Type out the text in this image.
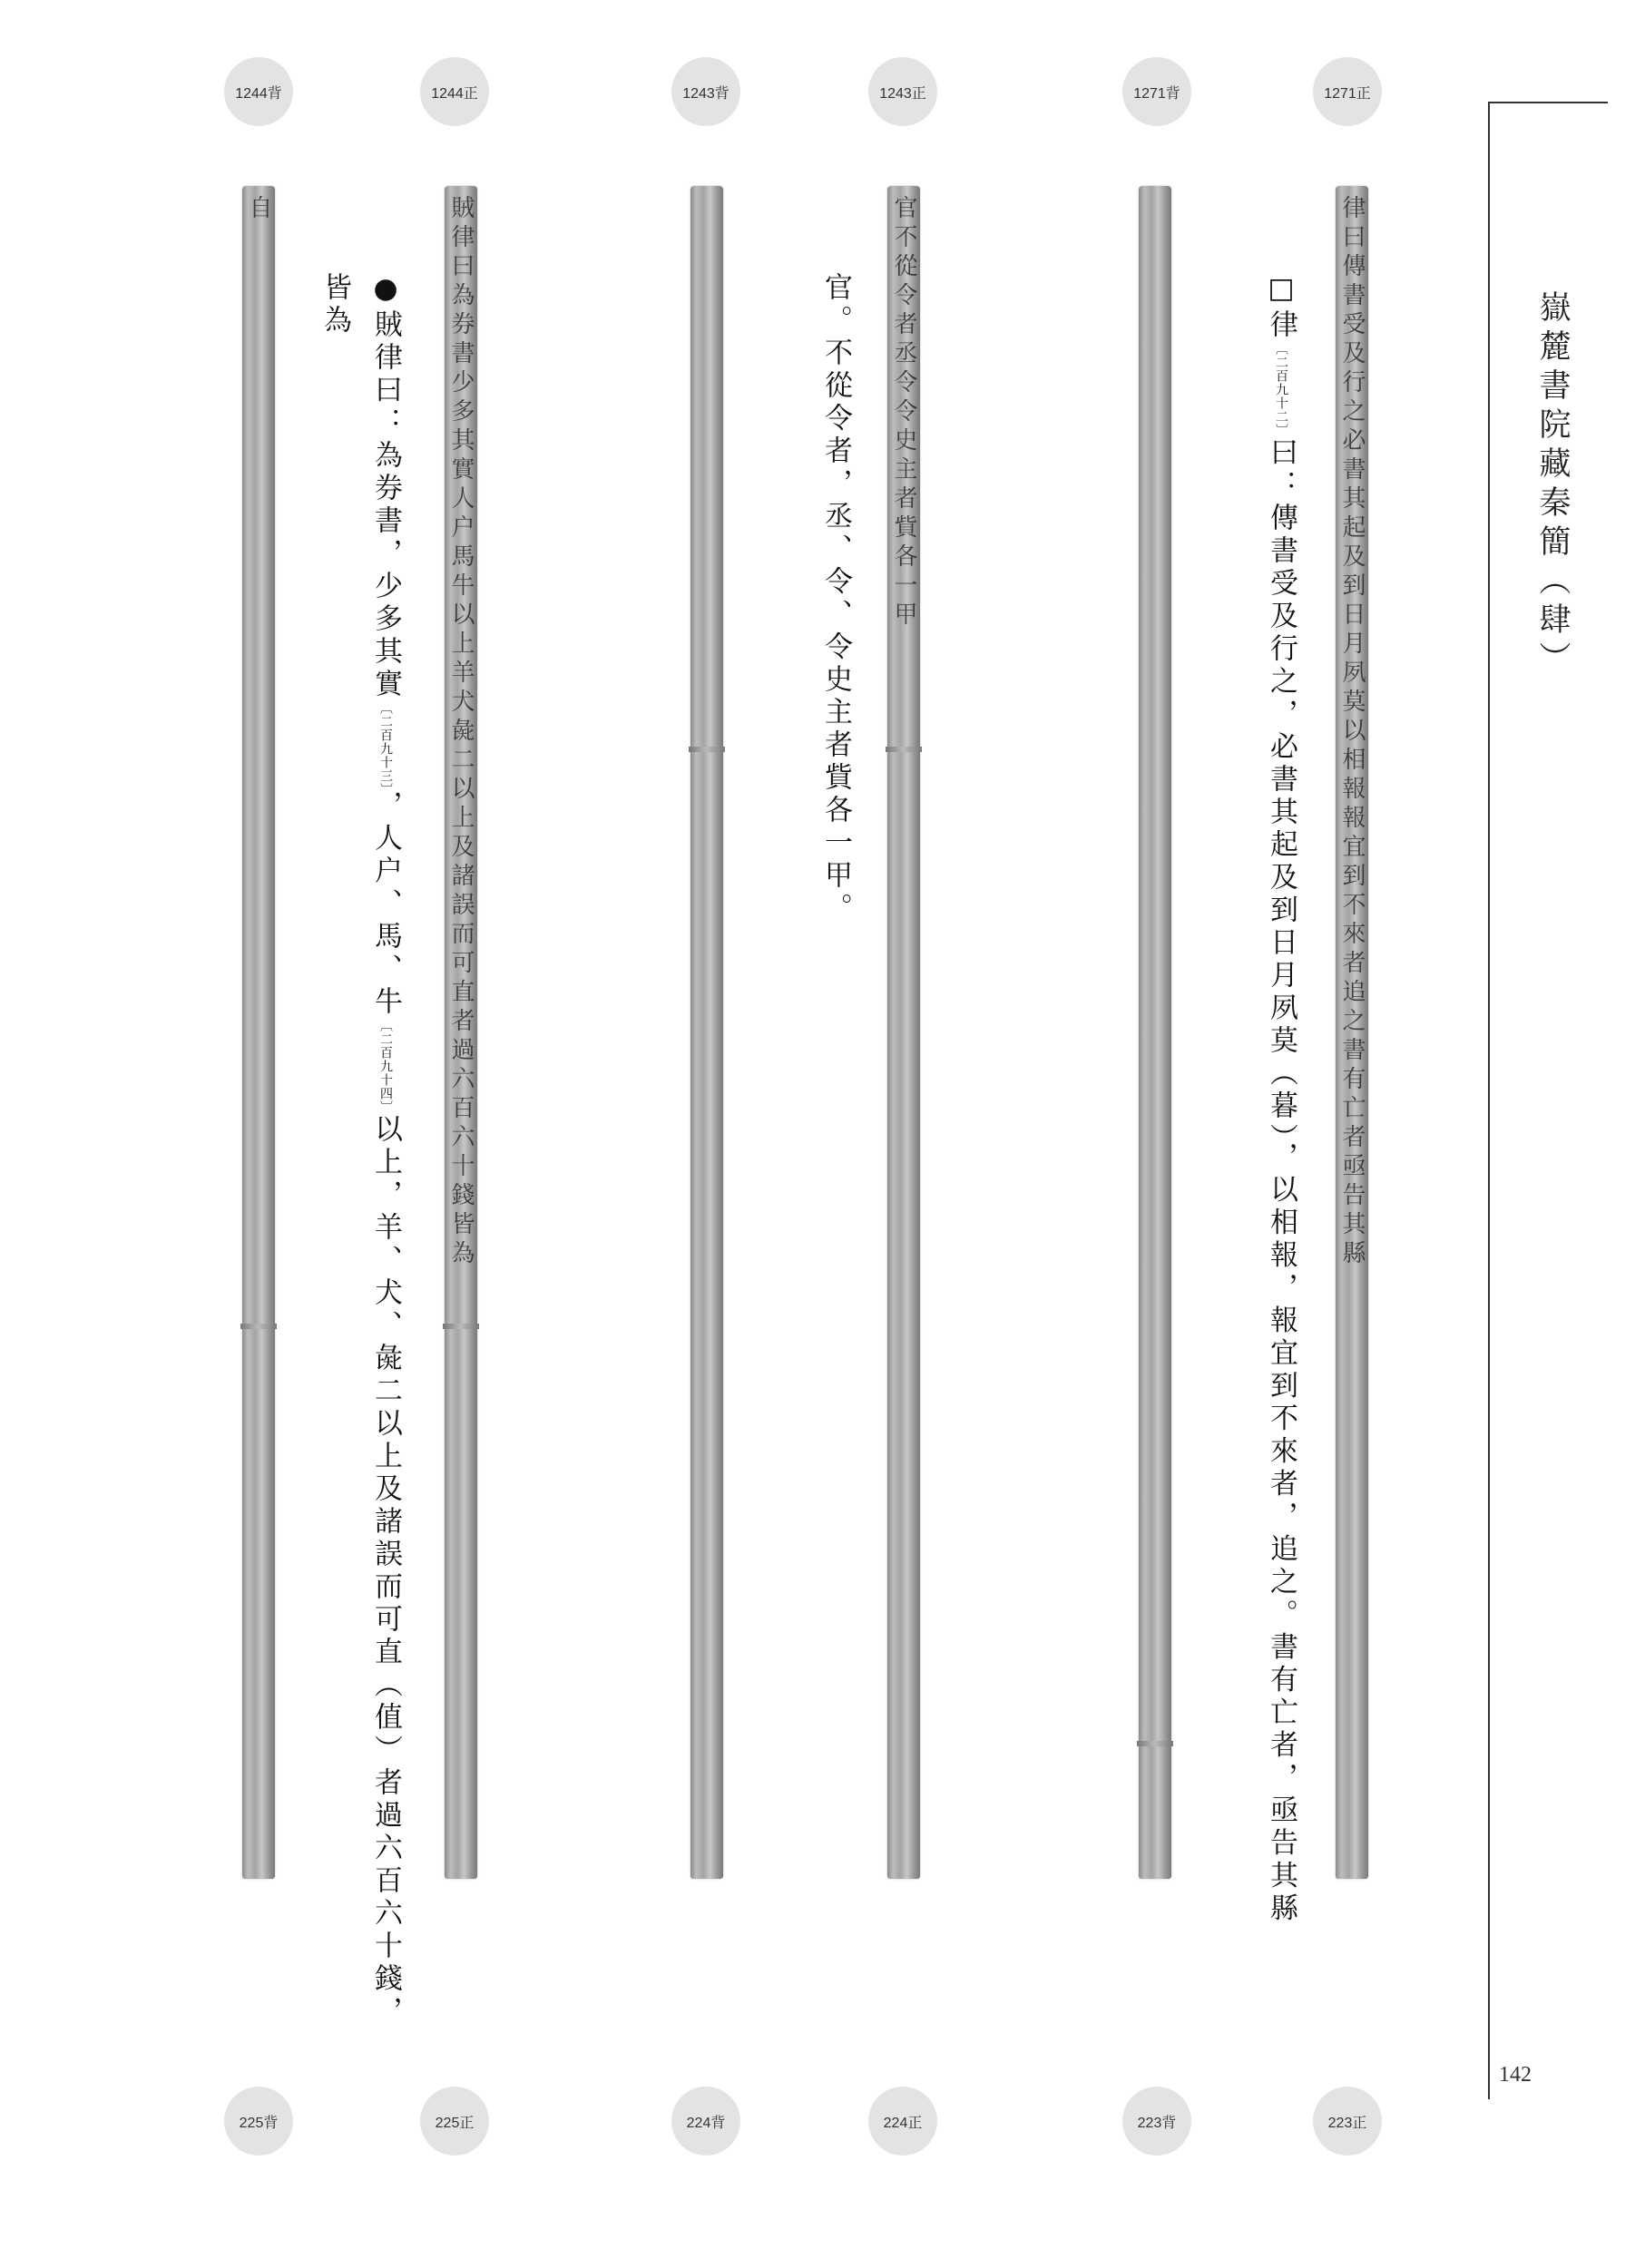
嶽麓書院藏秦簡（肆）
142
1244背	1244正	1243背	1243正	1271背	1271正
225背	225正	224背	224正	223背	223正
自	賊律曰為券書少多其實人户馬牛以上羊犬彘二以上及諸誤而可直者過六百六十錢皆為	官不從令者丞令令史主者貲各一甲	律曰傳書受及行之必書其起及到日月夙莫以相報報宜到不來者追之書有亡者亟告其縣
□律〔二百九十二〕曰：傳書受及行之，必書其起及到日月夙莫（暮），以相報，報宜到不來者，追之。書有亡者，亟告其縣
官。不從令者，丞、令、令史主者貲各一甲。
●賊律曰：為券書，少多其實〔二百九十三〕，人户、馬、牛〔二百九十四〕以上，羊、犬、彘二以上及諸誤而可直（值）者過六百六十錢，
皆為
